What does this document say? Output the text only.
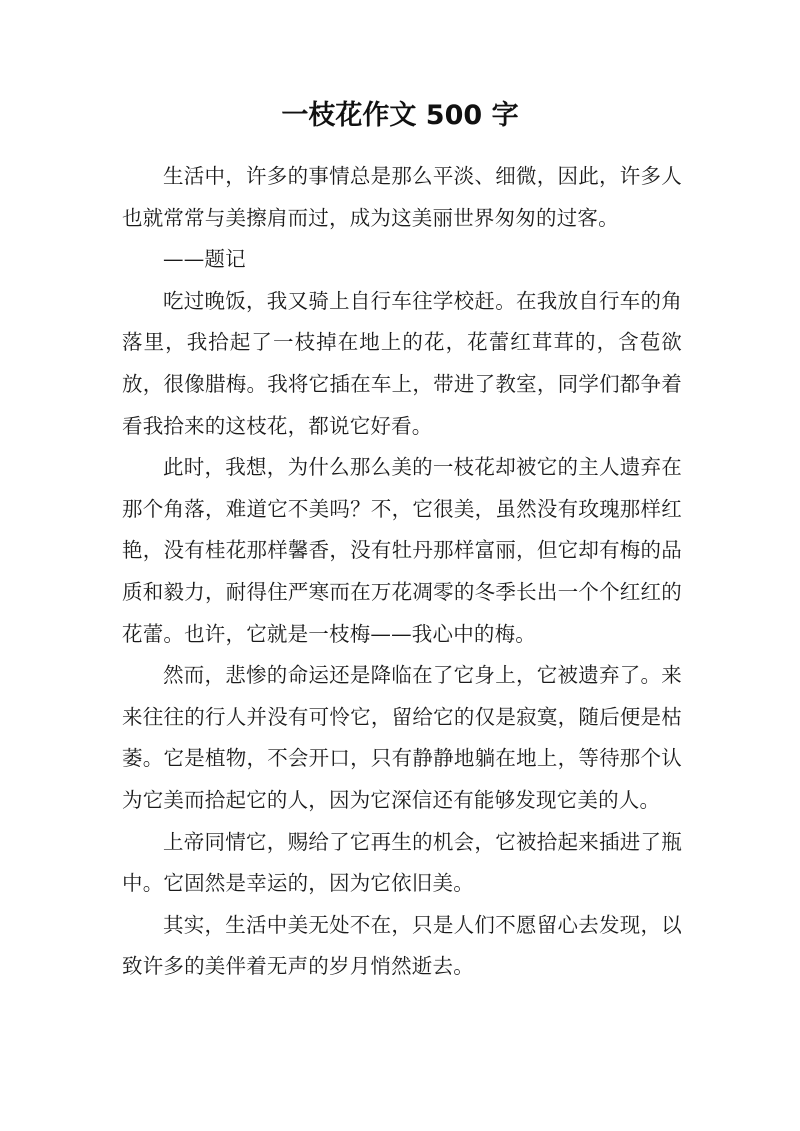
一枝花作文 500 字

生活中，许多的事情总是那么平淡、细微，因此，许多人也就常常与美擦肩而过，成为这美丽世界匆匆的过客。

——题记

吃过晚饭，我又骑上自行车往学校赶。在我放自行车的角落里，我拾起了一枝掉在地上的花，花蕾红茸茸的，含苞欲放，很像腊梅。我将它插在车上，带进了教室，同学们都争着看我拾来的这枝花，都说它好看。

此时，我想，为什么那么美的一枝花却被它的主人遗弃在那个角落，难道它不美吗？不，它很美，虽然没有玫瑰那样红艳，没有桂花那样馨香，没有牡丹那样富丽，但它却有梅的品质和毅力，耐得住严寒而在万花凋零的冬季长出一个个红红的花蕾。也许，它就是一枝梅——我心中的梅。

然而，悲惨的命运还是降临在了它身上，它被遗弃了。来来往往的行人并没有可怜它，留给它的仅是寂寞，随后便是枯萎。它是植物，不会开口，只有静静地躺在地上，等待那个认为它美而拾起它的人，因为它深信还有能够发现它美的人。

上帝同情它，赐给了它再生的机会，它被拾起来插进了瓶中。它固然是幸运的，因为它依旧美。

其实，生活中美无处不在，只是人们不愿留心去发现，以致许多的美伴着无声的岁月悄然逝去。
